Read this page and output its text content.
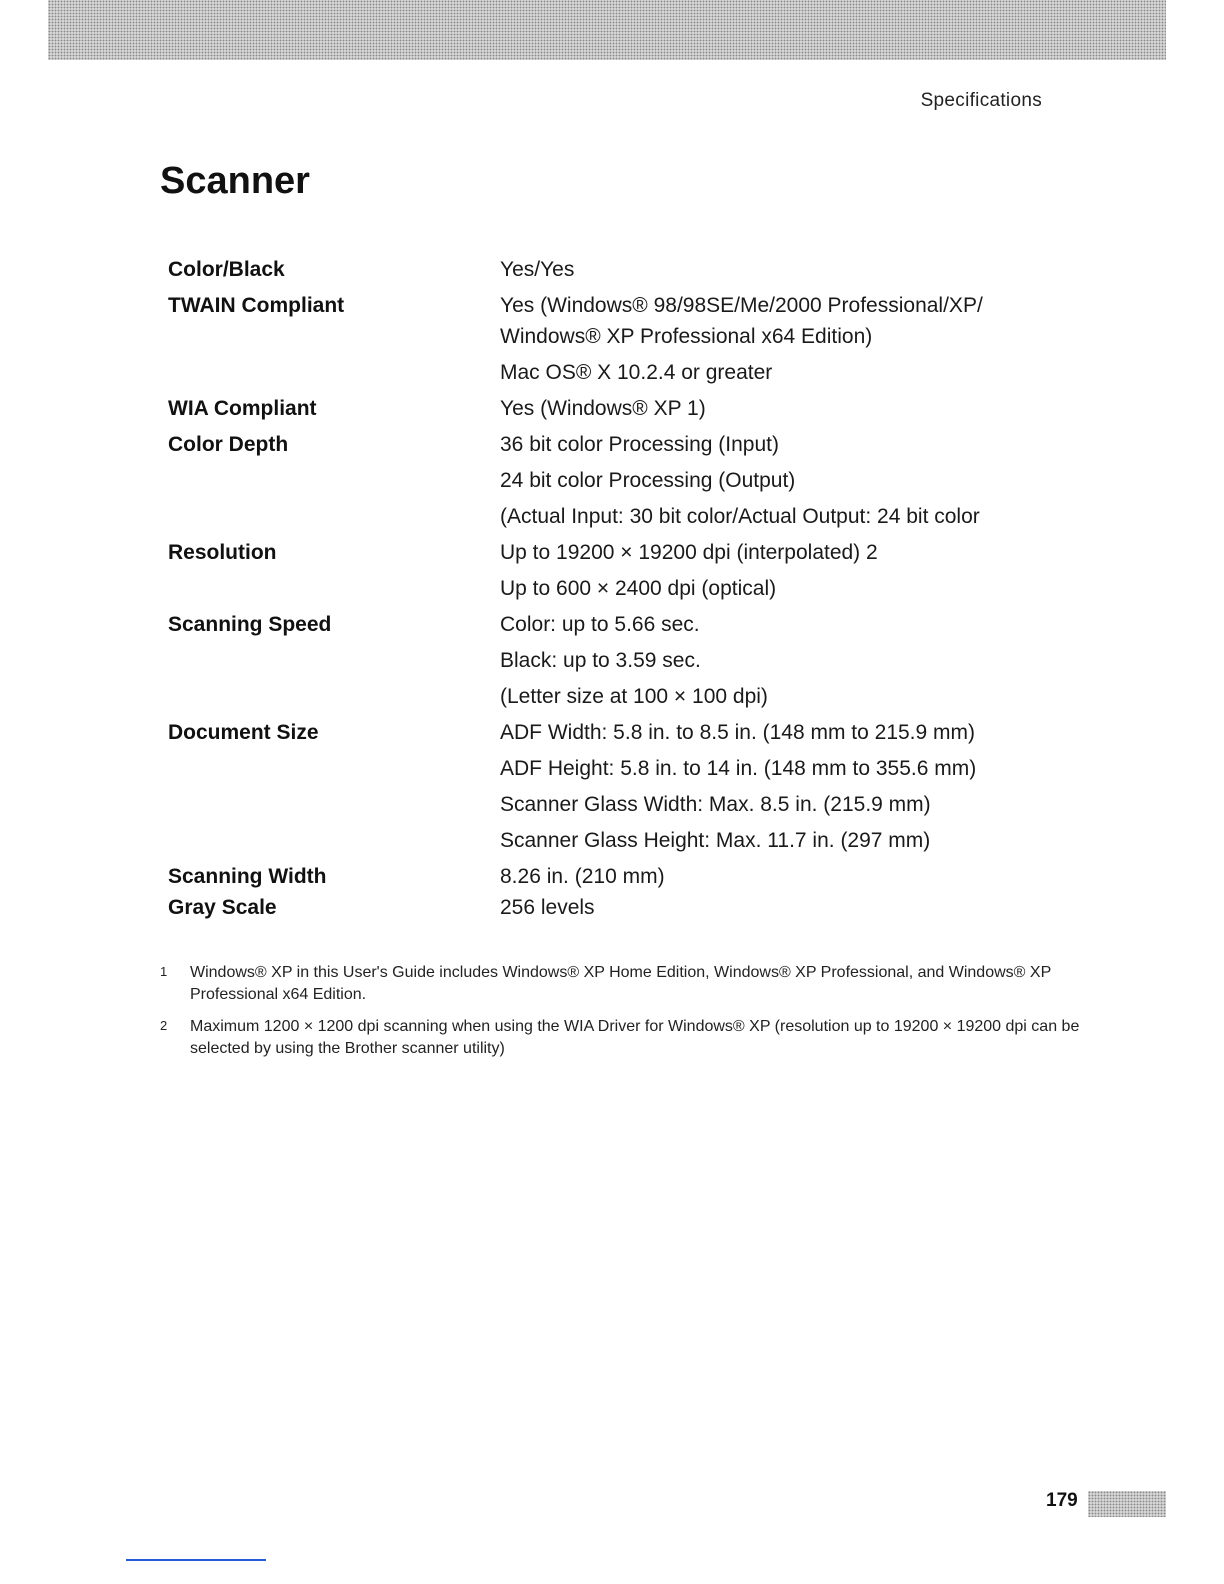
Specifications
Scanner
Color/Black	Yes/Yes
TWAIN Compliant	Yes (Windows® 98/98SE/Me/2000 Professional/XP/
Windows® XP Professional x64 Edition)
Mac OS® X 10.2.4 or greater
WIA Compliant	Yes (Windows® XP 1)
Color Depth	36 bit color Processing (Input)
24 bit color Processing (Output)
(Actual Input: 30 bit color/Actual Output: 24 bit color
Resolution	Up to 19200 × 19200 dpi (interpolated) 2
Up to 600 × 2400 dpi (optical)
Scanning Speed	Color: up to 5.66 sec.
Black: up to 3.59 sec.
(Letter size at 100 × 100 dpi)
Document Size	ADF Width: 5.8 in. to 8.5 in. (148 mm to 215.9 mm)
ADF Height: 5.8 in. to 14 in. (148 mm to 355.6 mm)
Scanner Glass Width: Max. 8.5 in. (215.9 mm)
Scanner Glass Height: Max. 11.7 in. (297 mm)
Scanning Width	8.26 in. (210 mm)
Gray Scale	256 levels
1	Windows® XP in this User's Guide includes Windows® XP Home Edition, Windows® XP Professional, and Windows® XP Professional x64 Edition.
2	Maximum 1200 × 1200 dpi scanning when using the WIA Driver for Windows® XP (resolution up to 19200 × 19200 dpi can be selected by using the Brother scanner utility)
179
